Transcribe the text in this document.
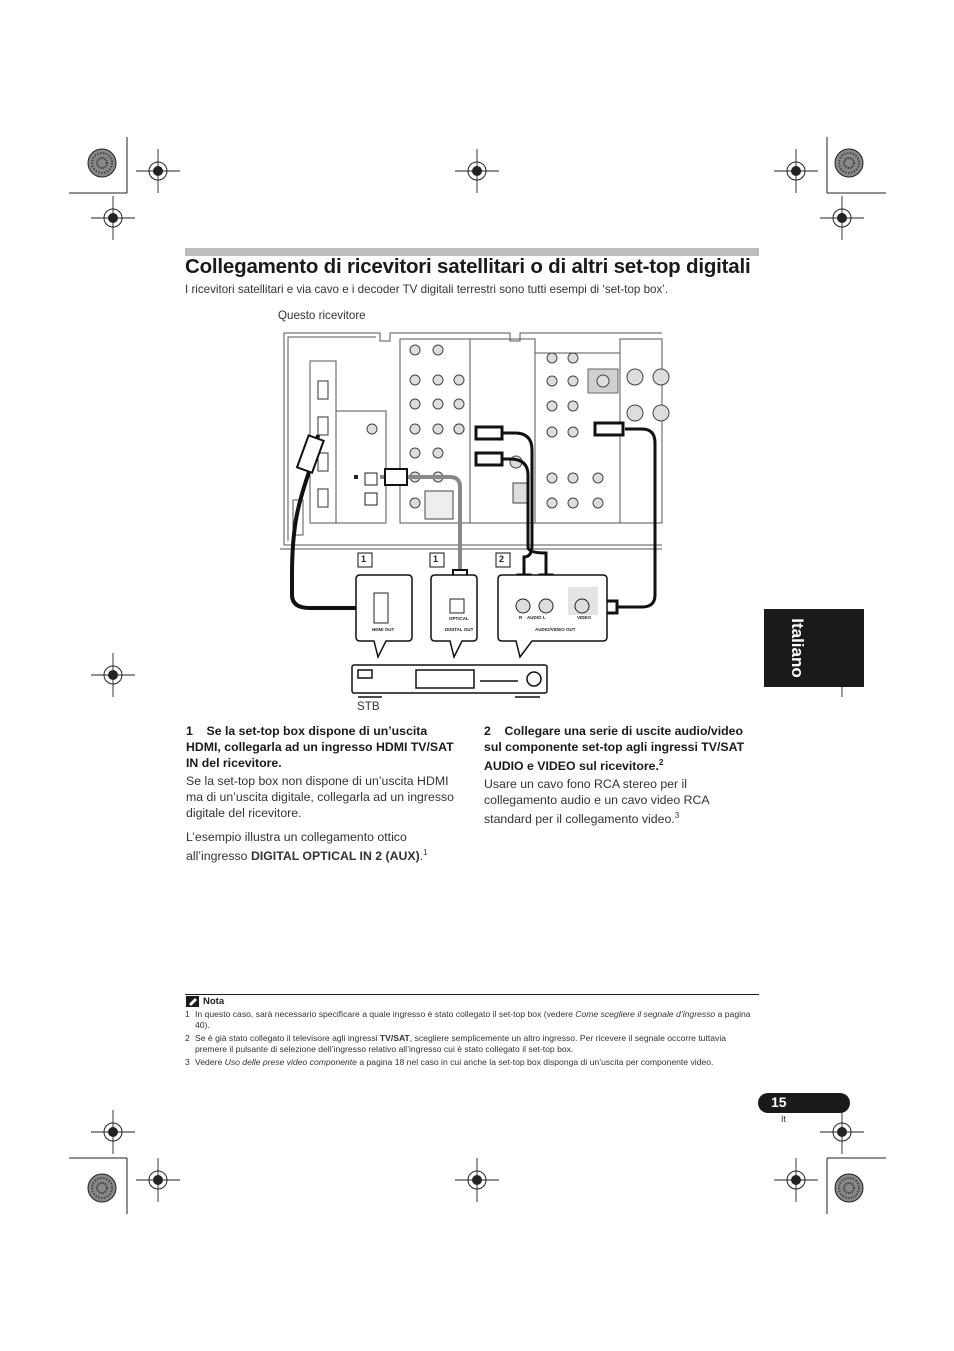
Collegamento di ricevitori satellitari o di altri set-top digitali
I ricevitori satellitari e via cavo e i decoder TV digitali terrestri sono tutti esempi di ‘set-top box’.
Questo ricevitore
1	1	2
HDMI OUT
OPTICAL
DIGITAL OUT
R AUDIO L	VIDEO
AUDIO/VIDEO OUT
STB

1 Se la set-top box dispone di un’uscita HDMI, collegarla ad un ingresso HDMI TV/SAT IN del ricevitore.

Se la set-top box non dispone di un’uscita HDMI ma di un’uscita digitale, collegarla ad un ingresso digitale del ricevitore.

L’esempio illustra un collegamento ottico all’ingresso DIGITAL OPTICAL IN 2 (AUX).$^1$

2 Collegare una serie di uscite audio/video sul componente set-top agli ingressi TV/SAT AUDIO e VIDEO sul ricevitore.$^2$

Usare un cavo fono RCA stereo per il collegamento audio e un cavo video RCA standard per il collegamento video.$^3$

Nota
1 In questo caso, sarà necessario specificare a quale ingresso è stato collegato il set-top box (vedere Come scegliere il segnale d’ingresso a pagina 40).
2 Se è già stato collegato il televisore agli ingressi TV/SAT, scegliere semplicemente un altro ingresso. Per ricevere il segnale occorre tuttavia premere il pulsante di selezione dell’ingresso relativo all’ingresso cui è stato collegato il set-top box.
3 Vedere Uso delle prese video componente a pagina 18 nel caso in cui anche la set-top box disponga di un’uscita per componente video.
Italiano
15
It
